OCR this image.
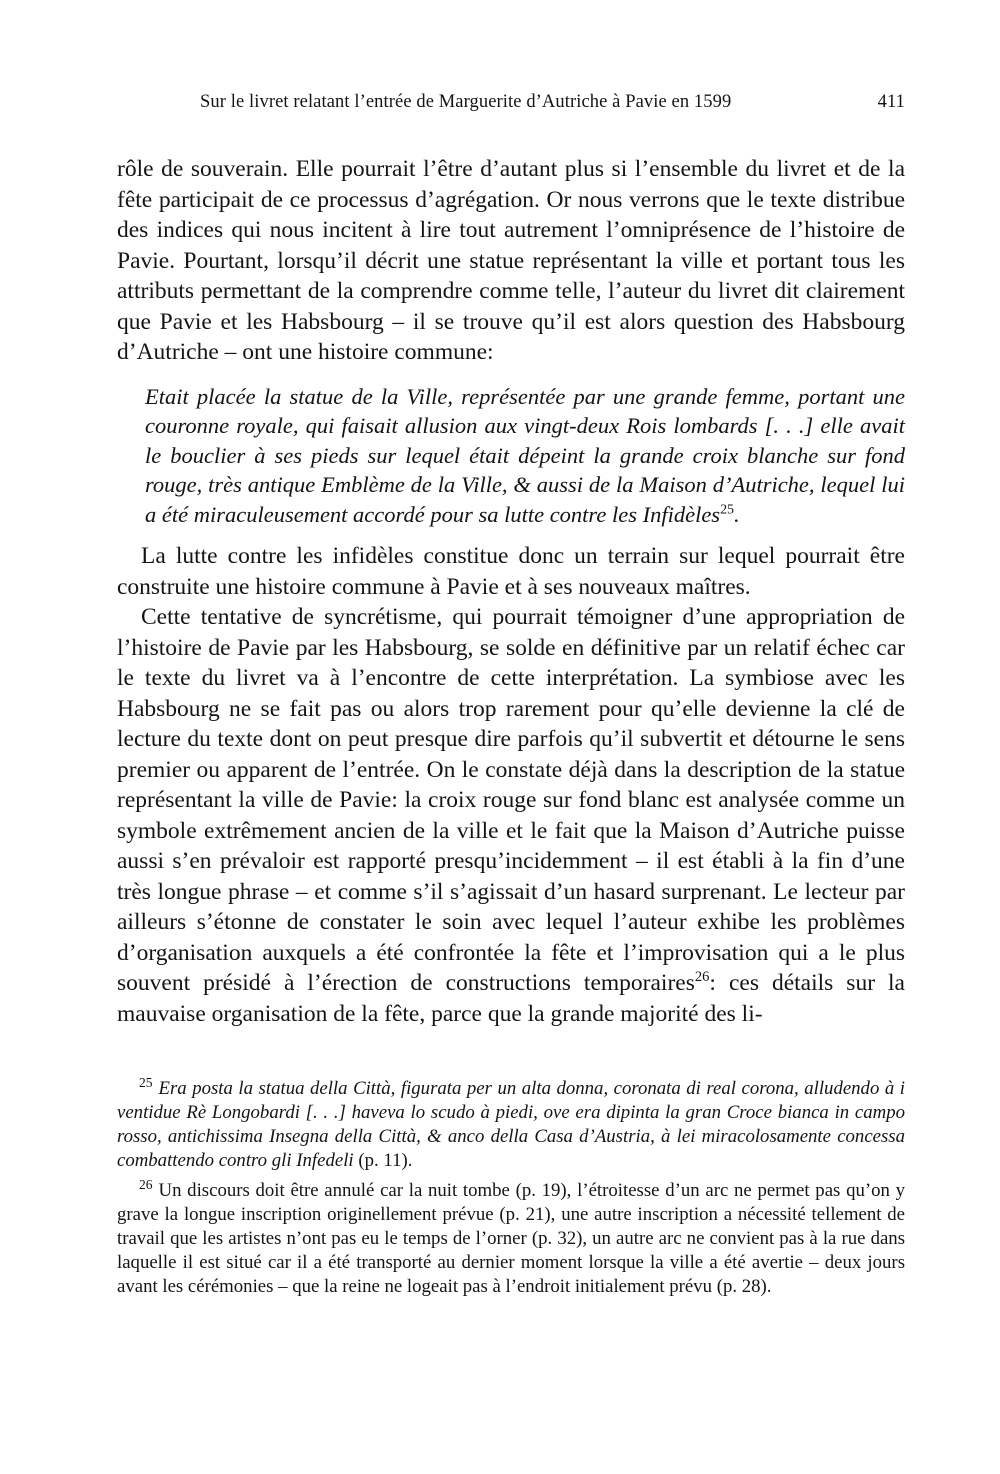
Sur le livret relatant l’entrée de Marguerite d’Autriche à Pavie en 1599	411

rôle de souverain. Elle pourrait l’être d’autant plus si l’ensemble du livret et de la fête participait de ce processus d’agrégation. Or nous verrons que le texte distribue des indices qui nous incitent à lire tout autrement l’omniprésence de l’histoire de Pavie. Pourtant, lorsqu’il décrit une statue représentant la ville et portant tous les attributs permettant de la comprendre comme telle, l’auteur du livret dit clairement que Pavie et les Habsbourg – il se trouve qu’il est alors question des Habsbourg d’Autriche – ont une histoire commune:

Etait placée la statue de la Ville, représentée par une grande femme, portant une couronne royale, qui faisait allusion aux vingt-deux Rois lombards [. . .] elle avait le bouclier à ses pieds sur lequel était dépeint la grande croix blanche sur fond rouge, très antique Emblème de la Ville, & aussi de la Maison d’Autriche, lequel lui a été miraculeusement accordé pour sa lutte contre les Infidèles$^{25}$.

La lutte contre les infidèles constitue donc un terrain sur lequel pourrait être construite une histoire commune à Pavie et à ses nouveaux maîtres.

Cette tentative de syncrétisme, qui pourrait témoigner d’une appropriation de l’histoire de Pavie par les Habsbourg, se solde en définitive par un relatif échec car le texte du livret va à l’encontre de cette interprétation. La symbiose avec les Habsbourg ne se fait pas ou alors trop rarement pour qu’elle devienne la clé de lecture du texte dont on peut presque dire parfois qu’il subvertit et détourne le sens premier ou apparent de l’entrée. On le constate déjà dans la description de la statue représentant la ville de Pavie: la croix rouge sur fond blanc est analysée comme un symbole extrêmement ancien de la ville et le fait que la Maison d’Autriche puisse aussi s’en prévaloir est rapporté presqu’incidemment – il est établi à la fin d’une très longue phrase – et comme s’il s’agissait d’un hasard surprenant. Le lecteur par ailleurs s’étonne de constater le soin avec lequel l’auteur exhibe les problèmes d’organisation auxquels a été confrontée la fête et l’improvisation qui a le plus souvent présidé à l’érection de constructions temporaires$^{26}$: ces détails sur la mauvaise organisation de la fête, parce que la grande majorité des li-

$^{25}$ Era posta la statua della Città, figurata per un alta donna, coronata di real corona, alludendo à i ventidue Rè Longobardi [. . .] haveva lo scudo à piedi, ove era dipinta la gran Croce bianca in campo rosso, antichissima Insegna della Città, & anco della Casa d’Austria, à lei miracolosamente concessa combattendo contro gli Infedeli (p. 11).

$^{26}$ Un discours doit être annulé car la nuit tombe (p. 19), l’étroitesse d’un arc ne permet pas qu’on y grave la longue inscription originellement prévue (p. 21), une autre inscription a nécessité tellement de travail que les artistes n’ont pas eu le temps de l’orner (p. 32), un autre arc ne convient pas à la rue dans laquelle il est situé car il a été transporté au dernier moment lorsque la ville a été avertie – deux jours avant les cérémonies – que la reine ne logeait pas à l’endroit initialement prévu (p. 28).
